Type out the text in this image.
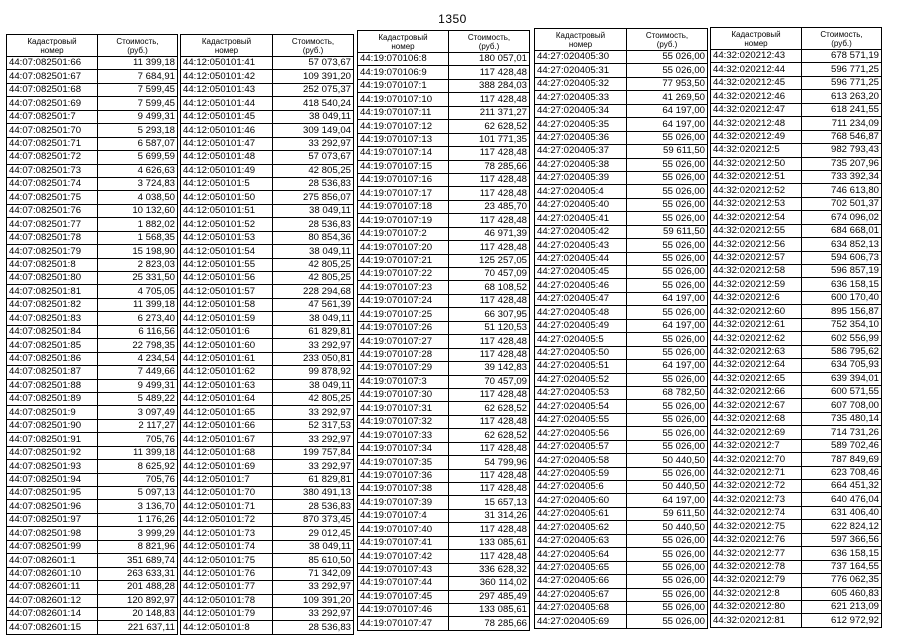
1350
Кадастровый
номер	Стоимость,
(руб.)
44:07:082501:66	11 399,18
44:07:082501:67	7 684,91
44:07:082501:68	7 599,45
44:07:082501:69	7 599,45
44:07:082501:7	9 499,31
44:07:082501:70	5 293,18
44:07:082501:71	6 587,07
44:07:082501:72	5 699,59
44:07:082501:73	4 626,63
44:07:082501:74	3 724,83
44:07:082501:75	4 038,50
44:07:082501:76	10 132,60
44:07:082501:77	1 882,02
44:07:082501:78	1 568,35
44:07:082501:79	15 198,90
44:07:082501:8	2 823,03
44:07:082501:80	25 331,50
44:07:082501:81	4 705,05
44:07:082501:82	11 399,18
44:07:082501:83	6 273,40
44:07:082501:84	6 116,56
44:07:082501:85	22 798,35
44:07:082501:86	4 234,54
44:07:082501:87	7 449,66
44:07:082501:88	9 499,31
44:07:082501:89	5 489,22
44:07:082501:9	3 097,49
44:07:082501:90	2 117,27
44:07:082501:91	705,76
44:07:082501:92	11 399,18
44:07:082501:93	8 625,92
44:07:082501:94	705,76
44:07:082501:95	5 097,13
44:07:082501:96	3 136,70
44:07:082501:97	1 176,26
44:07:082501:98	3 999,29
44:07:082501:99	8 821,96
44:07:082601:1	351 689,74
44:07:082601:10	263 633,31
44:07:082601:11	201 488,28
44:07:082601:12	120 892,97
44:07:082601:14	20 148,83
44:07:082601:15	221 637,11
Кадастровый
номер	Стоимость,
(руб.)
44:12:050101:41	57 073,67
44:12:050101:42	109 391,20
44:12:050101:43	252 075,37
44:12:050101:44	418 540,24
44:12:050101:45	38 049,11
44:12:050101:46	309 149,04
44:12:050101:47	33 292,97
44:12:050101:48	57 073,67
44:12:050101:49	42 805,25
44:12:050101:5	28 536,83
44:12:050101:50	275 856,07
44:12:050101:51	38 049,11
44:12:050101:52	28 536,83
44:12:050101:53	80 854,36
44:12:050101:54	38 049,11
44:12:050101:55	42 805,25
44:12:050101:56	42 805,25
44:12:050101:57	228 294,68
44:12:050101:58	47 561,39
44:12:050101:59	38 049,11
44:12:050101:6	61 829,81
44:12:050101:60	33 292,97
44:12:050101:61	233 050,81
44:12:050101:62	99 878,92
44:12:050101:63	38 049,11
44:12:050101:64	42 805,25
44:12:050101:65	33 292,97
44:12:050101:66	52 317,53
44:12:050101:67	33 292,97
44:12:050101:68	199 757,84
44:12:050101:69	33 292,97
44:12:050101:7	61 829,81
44:12:050101:70	380 491,13
44:12:050101:71	28 536,83
44:12:050101:72	870 373,45
44:12:050101:73	29 012,45
44:12:050101:74	38 049,11
44:12:050101:75	85 610,50
44:12:050101:76	71 342,09
44:12:050101:77	33 292,97
44:12:050101:78	109 391,20
44:12:050101:79	33 292,97
44:12:050101:8	28 536,83
Кадастровый
номер	Стоимость,
(руб.)
44:19:070106:8	180 057,01
44:19:070106:9	117 428,48
44:19:070107:1	388 284,03
44:19:070107:10	117 428,48
44:19:070107:11	211 371,27
44:19:070107:12	62 628,52
44:19:070107:13	101 771,35
44:19:070107:14	117 428,48
44:19:070107:15	78 285,66
44:19:070107:16	117 428,48
44:19:070107:17	117 428,48
44:19:070107:18	23 485,70
44:19:070107:19	117 428,48
44:19:070107:2	46 971,39
44:19:070107:20	117 428,48
44:19:070107:21	125 257,05
44:19:070107:22	70 457,09
44:19:070107:23	68 108,52
44:19:070107:24	117 428,48
44:19:070107:25	66 307,95
44:19:070107:26	51 120,53
44:19:070107:27	117 428,48
44:19:070107:28	117 428,48
44:19:070107:29	39 142,83
44:19:070107:3	70 457,09
44:19:070107:30	117 428,48
44:19:070107:31	62 628,52
44:19:070107:32	117 428,48
44:19:070107:33	62 628,52
44:19:070107:34	117 428,48
44:19:070107:35	54 799,96
44:19:070107:36	117 428,48
44:19:070107:38	117 428,48
44:19:070107:39	15 657,13
44:19:070107:4	31 314,26
44:19:070107:40	117 428,48
44:19:070107:41	133 085,61
44:19:070107:42	117 428,48
44:19:070107:43	336 628,32
44:19:070107:44	360 114,02
44:19:070107:45	297 485,49
44:19:070107:46	133 085,61
44:19:070107:47	78 285,66
Кадастровый
номер	Стоимость,
(руб.)
44:27:020405:30	55 026,00
44:27:020405:31	55 026,00
44:27:020405:32	77 953,50
44:27:020405:33	41 269,50
44:27:020405:34	64 197,00
44:27:020405:35	64 197,00
44:27:020405:36	55 026,00
44:27:020405:37	59 611,50
44:27:020405:38	55 026,00
44:27:020405:39	55 026,00
44:27:020405:4	55 026,00
44:27:020405:40	55 026,00
44:27:020405:41	55 026,00
44:27:020405:42	59 611,50
44:27:020405:43	55 026,00
44:27:020405:44	55 026,00
44:27:020405:45	55 026,00
44:27:020405:46	55 026,00
44:27:020405:47	64 197,00
44:27:020405:48	55 026,00
44:27:020405:49	64 197,00
44:27:020405:5	55 026,00
44:27:020405:50	55 026,00
44:27:020405:51	64 197,00
44:27:020405:52	55 026,00
44:27:020405:53	68 782,50
44:27:020405:54	55 026,00
44:27:020405:55	55 026,00
44:27:020405:56	55 026,00
44:27:020405:57	55 026,00
44:27:020405:58	50 440,50
44:27:020405:59	55 026,00
44:27:020405:6	50 440,50
44:27:020405:60	64 197,00
44:27:020405:61	59 611,50
44:27:020405:62	50 440,50
44:27:020405:63	55 026,00
44:27:020405:64	55 026,00
44:27:020405:65	55 026,00
44:27:020405:66	55 026,00
44:27:020405:67	55 026,00
44:27:020405:68	55 026,00
44:27:020405:69	55 026,00
Кадастровый
номер	Стоимость,
(руб.)
44:32:020212:43	678 571,19
44:32:020212:44	596 771,25
44:32:020212:45	596 771,25
44:32:020212:46	613 263,20
44:32:020212:47	618 241,55
44:32:020212:48	711 234,09
44:32:020212:49	768 546,87
44:32:020212:5	982 793,43
44:32:020212:50	735 207,96
44:32:020212:51	733 392,34
44:32:020212:52	746 613,80
44:32:020212:53	702 501,37
44:32:020212:54	674 096,02
44:32:020212:55	684 668,01
44:32:020212:56	634 852,13
44:32:020212:57	594 606,73
44:32:020212:58	596 857,19
44:32:020212:59	636 158,15
44:32:020212:6	600 170,40
44:32:020212:60	895 156,87
44:32:020212:61	752 354,10
44:32:020212:62	602 556,99
44:32:020212:63	586 795,62
44:32:020212:64	634 705,93
44:32:020212:65	639 394,01
44:32:020212:66	600 571,55
44:32:020212:67	607 708,00
44:32:020212:68	735 480,14
44:32:020212:69	714 731,26
44:32:020212:7	589 702,46
44:32:020212:70	787 849,69
44:32:020212:71	623 708,46
44:32:020212:72	664 451,32
44:32:020212:73	640 476,04
44:32:020212:74	631 406,40
44:32:020212:75	622 824,12
44:32:020212:76	597 366,56
44:32:020212:77	636 158,15
44:32:020212:78	737 164,55
44:32:020212:79	776 062,35
44:32:020212:8	605 460,83
44:32:020212:80	621 213,09
44:32:020212:81	612 972,92
